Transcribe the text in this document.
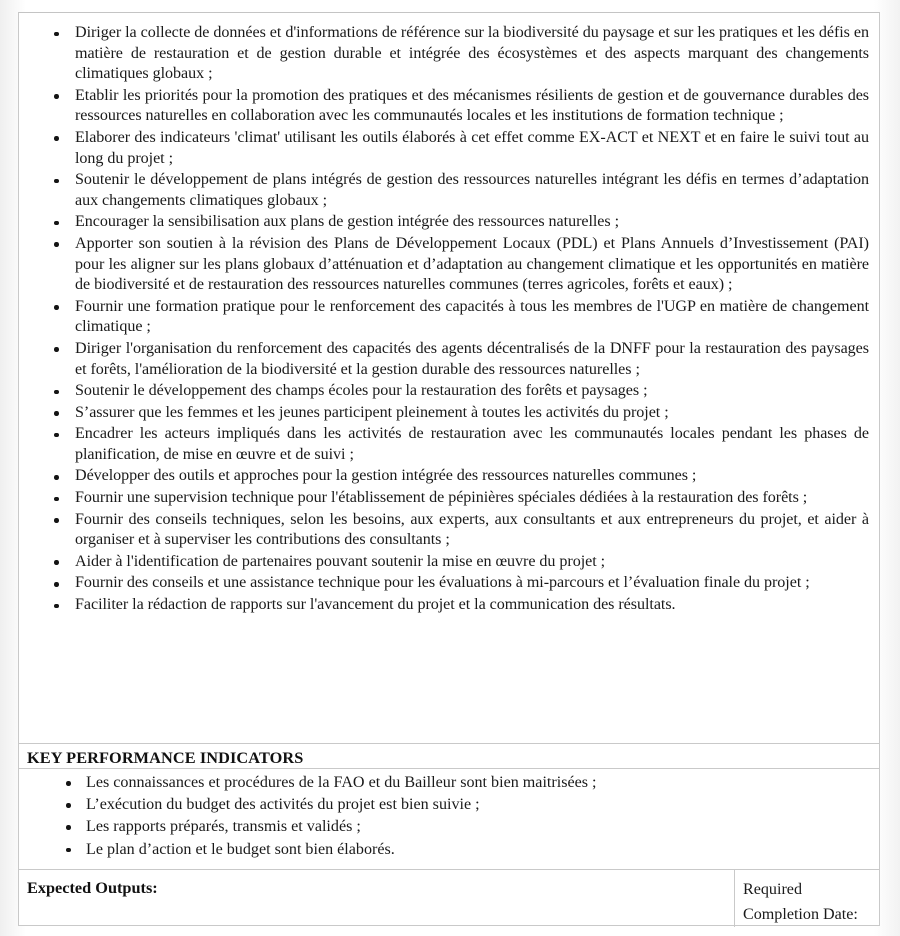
Diriger la collecte de données et d'informations de référence sur la biodiversité du paysage et sur les pratiques et les défis en matière de restauration et de gestion durable et intégrée des écosystèmes et des aspects marquant des changements climatiques globaux ;
Etablir les priorités pour la promotion des pratiques et des mécanismes résilients de gestion et de gouvernance durables des ressources naturelles en collaboration avec les communautés locales et les institutions de formation technique ;
Elaborer des indicateurs 'climat' utilisant les outils élaborés à cet effet comme EX-ACT et NEXT et en faire le suivi tout au long du projet ;
Soutenir le développement de plans intégrés de gestion des ressources naturelles intégrant les défis en termes d’adaptation aux changements climatiques globaux ;
Encourager la sensibilisation aux plans de gestion intégrée des ressources naturelles ;
Apporter son soutien à la révision des Plans de Développement Locaux (PDL) et Plans Annuels d’Investissement (PAI) pour les aligner sur les plans globaux d’atténuation et d’adaptation au changement climatique et les opportunités en matière de biodiversité et de restauration des ressources naturelles communes (terres agricoles, forêts et eaux) ;
Fournir une formation pratique pour le renforcement des capacités à tous les membres de l'UGP en matière de changement climatique ;
Diriger l'organisation du renforcement des capacités des agents décentralisés de la DNFF pour la restauration des paysages et forêts, l'amélioration de la biodiversité et la gestion durable des ressources naturelles ;
Soutenir le développement des champs écoles pour la restauration des forêts et paysages ;
S’assurer que les femmes et les jeunes participent pleinement à toutes les activités du projet ;
Encadrer les acteurs impliqués dans les activités de restauration avec les communautés locales pendant les phases de planification, de mise en œuvre et de suivi ;
Développer des outils et approches pour la gestion intégrée des ressources naturelles communes ;
Fournir une supervision technique pour l'établissement de pépinières spéciales dédiées à la restauration des forêts ;
Fournir des conseils techniques, selon les besoins, aux experts, aux consultants et aux entrepreneurs du projet, et aider à organiser et à superviser les contributions des consultants ;
Aider à l'identification de partenaires pouvant soutenir la mise en œuvre du projet ;
Fournir des conseils et une assistance technique pour les évaluations à mi-parcours et l’évaluation finale du projet ;
Faciliter la rédaction de rapports sur l'avancement du projet et la communication des résultats.
KEY PERFORMANCE INDICATORS
Les connaissances et procédures de la FAO et du Bailleur sont bien maitrisées ;
L’exécution du budget des activités du projet est bien suivie ;
Les rapports préparés, transmis et validés ;
Le plan d’action et le budget sont bien élaborés.
Expected Outputs:	Required
Completion Date:
